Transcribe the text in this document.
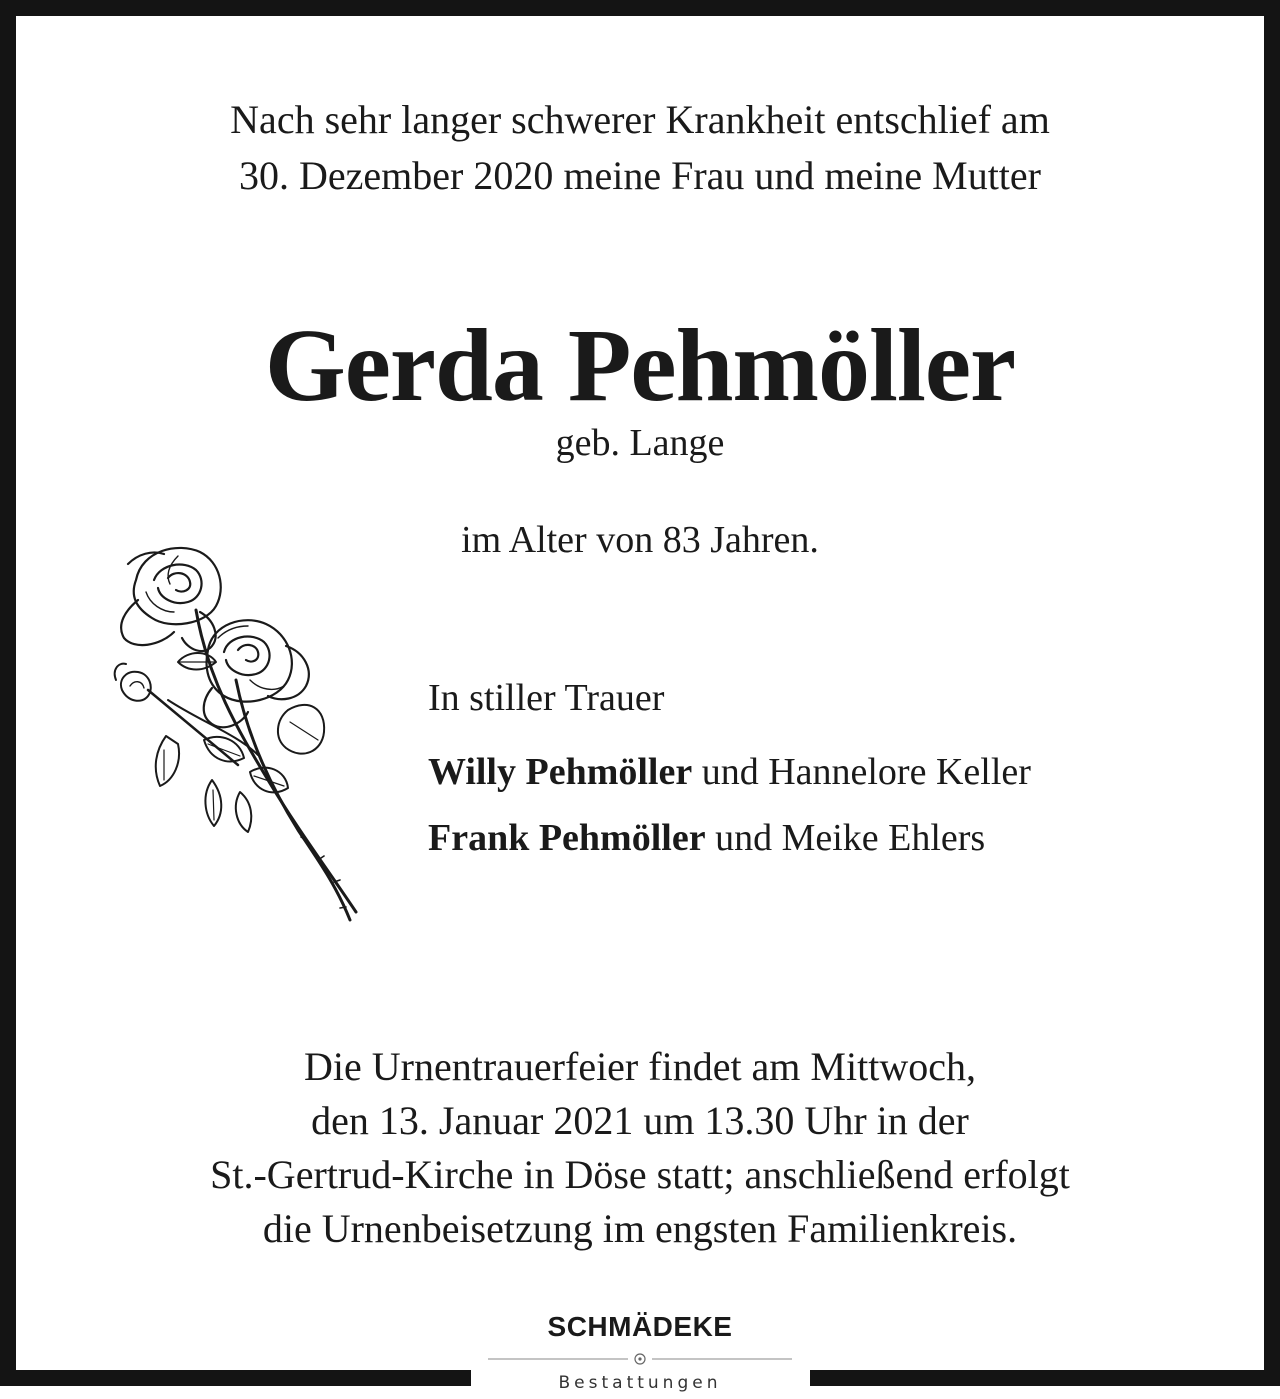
Nach sehr langer schwerer Krankheit entschlief am
30. Dezember 2020 meine Frau und meine Mutter
Gerda Pehmöller
geb. Lange
im Alter von 83 Jahren.
In stiller Trauer
Willy Pehmöller und Hannelore Keller
Frank Pehmöller und Meike Ehlers
Die Urnentrauerfeier findet am Mittwoch,
den 13. Januar 2021 um 13.30 Uhr in der
St.-Gertrud-Kirche in Döse statt; anschließend erfolgt
die Urnenbeisetzung im engsten Familienkreis.
SCHMÄDEKE
Bestattungen
